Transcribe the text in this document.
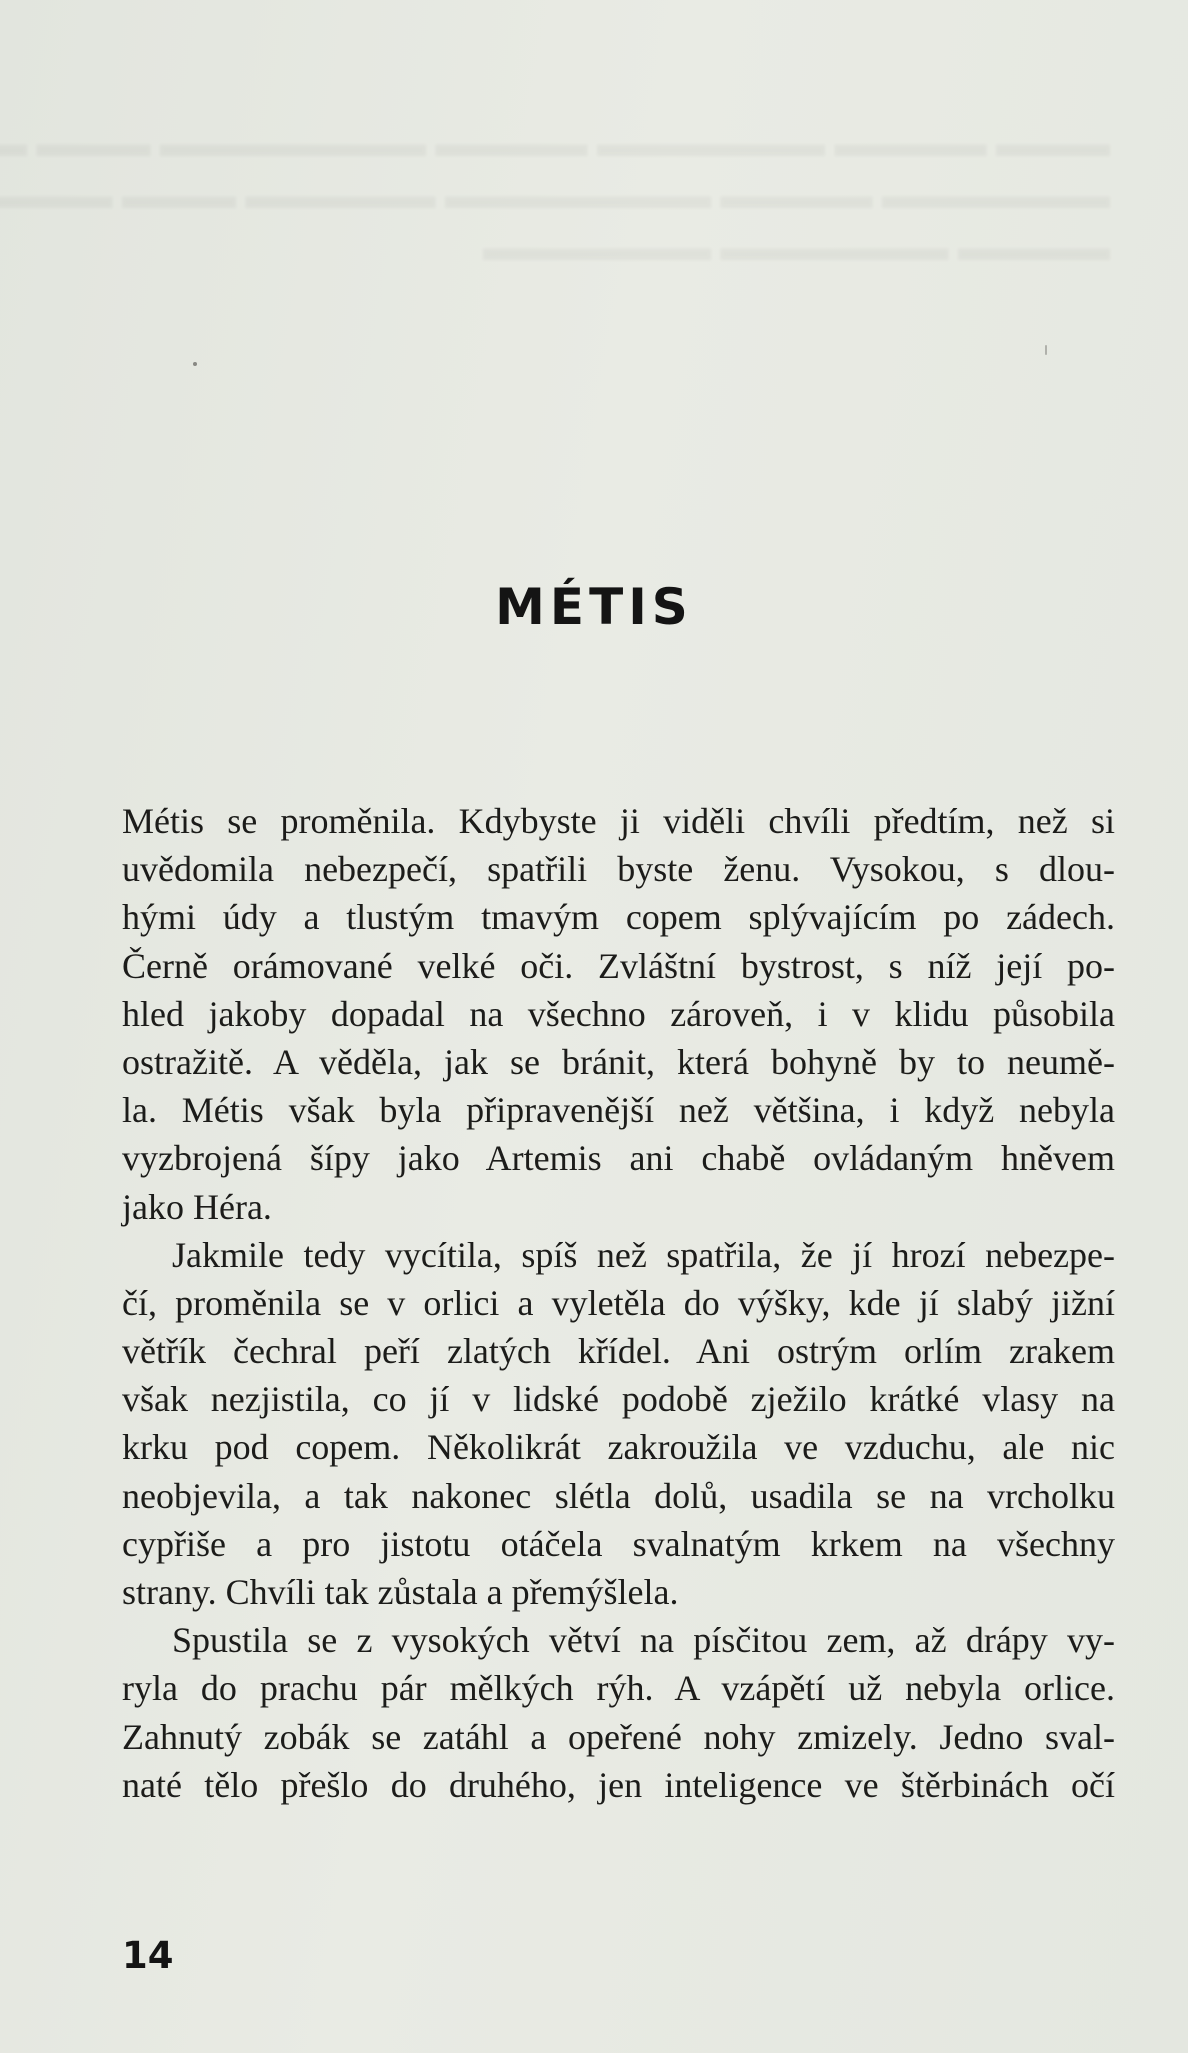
MÉTIS
Métis se proměnila. Kdybyste ji viděli chvíli předtím, než si
uvědomila nebezpečí, spatřili byste ženu. Vysokou, s dlou-
hými údy a tlustým tmavým copem splývajícím po zádech.
Černě orámované velké oči. Zvláštní bystrost, s níž její po-
hled jakoby dopadal na všechno zároveň, i v klidu působila
ostražitě. A věděla, jak se bránit, která bohyně by to neumě-
la. Métis však byla připravenější než většina, i když nebyla
vyzbrojená šípy jako Artemis ani chabě ovládaným hněvem
jako Héra.
Jakmile tedy vycítila, spíš než spatřila, že jí hrozí nebezpe-
čí, proměnila se v orlici a vyletěla do výšky, kde jí slabý jižní
větřík čechral peří zlatých křídel. Ani ostrým orlím zrakem
však nezjistila, co jí v lidské podobě zježilo krátké vlasy na
krku pod copem. Několikrát zakroužila ve vzduchu, ale nic
neobjevila, a tak nakonec slétla dolů, usadila se na vrcholku
cypřiše a pro jistotu otáčela svalnatým krkem na všechny
strany. Chvíli tak zůstala a přemýšlela.
Spustila se z vysokých větví na písčitou zem, až drápy vy-
ryla do prachu pár mělkých rýh. A vzápětí už nebyla orlice.
Zahnutý zobák se zatáhl a opeřené nohy zmizely. Jedno sval-
naté tělo přešlo do druhého, jen inteligence ve štěrbinách očí
14
